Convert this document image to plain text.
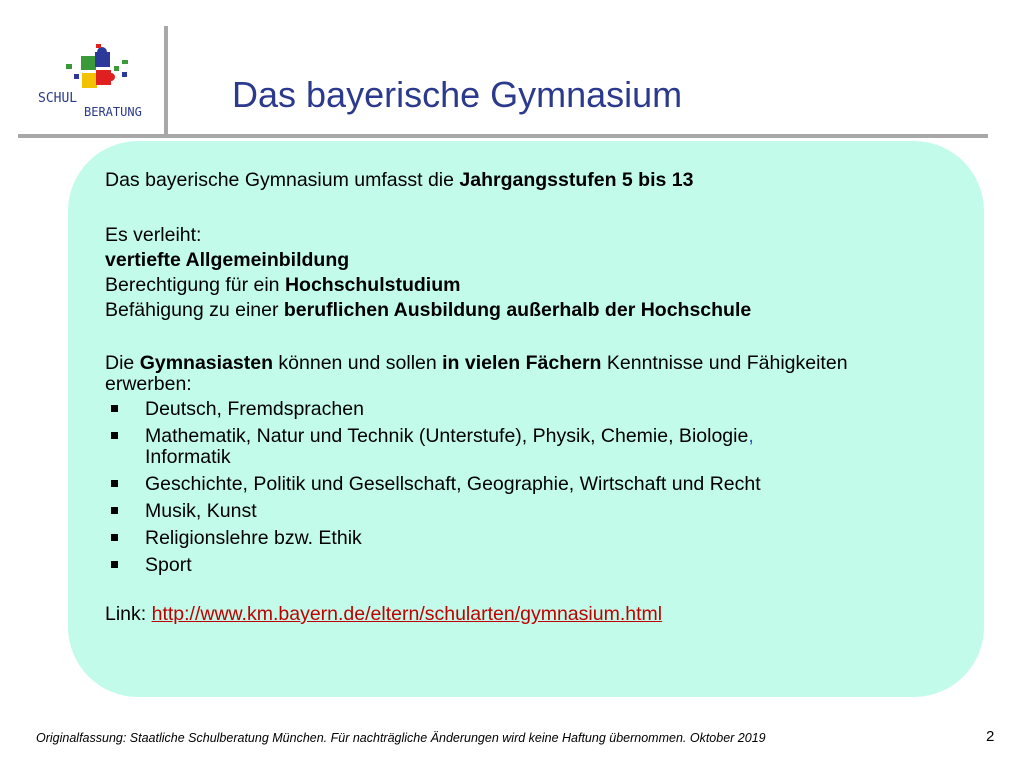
SCHUL
BERATUNG	Das bayerische Gymnasium

Das bayerische Gymnasium umfasst die Jahrgangsstufen 5 bis 13

Es verleiht:

vertiefte Allgemeinbildung

Berechtigung für ein Hochschulstudium

Befähigung zu einer beruflichen Ausbildung außerhalb der Hochschule

Die Gymnasiasten können und sollen in vielen Fächern Kenntnisse und Fähigkeiten erwerben:

Deutsch, Fremdsprachen
Mathematik, Natur und Technik (Unterstufe), Physik, Chemie, Biologie,
Informatik
Geschichte, Politik und Gesellschaft, Geographie, Wirtschaft und Recht
Musik, Kunst
Religionslehre bzw. Ethik
Sport

Link: http://www.km.bayern.de/eltern/schularten/gymnasium.html

Originalfassung: Staatliche Schulberatung München. Für nachträgliche Änderungen wird keine Haftung übernommen. Oktober 2019	2
